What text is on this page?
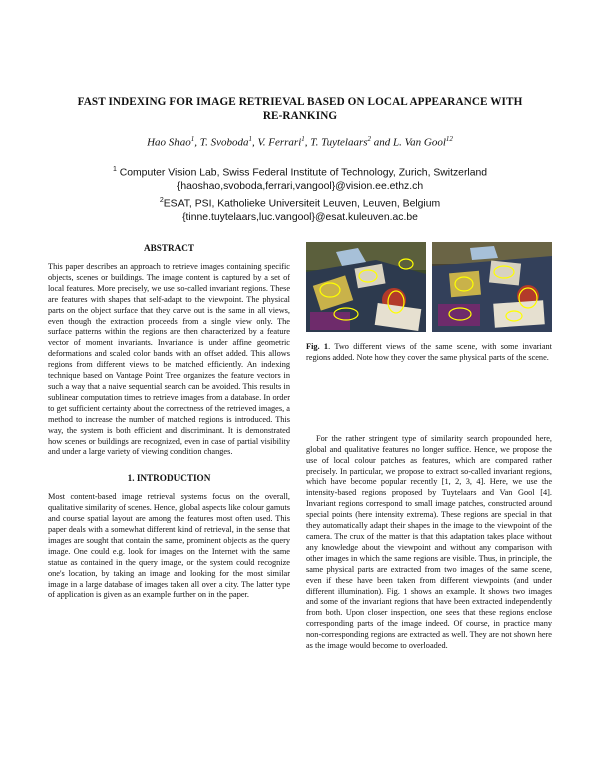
FAST INDEXING FOR IMAGE RETRIEVAL BASED ON LOCAL APPEARANCE WITH
RE-RANKING
Hao Shao$^1$, T. Svoboda$^1$, V. Ferrari$^1$, T. Tuytelaars$^2$ and L. Van Gool$^{12}$
$^1$ Computer Vision Lab, Swiss Federal Institute of Technology, Zurich, Switzerland
{haoshao,svoboda,ferrari,vangool}@vision.ee.ethz.ch
$^2$ESAT, PSI, Katholieke Universiteit Leuven, Leuven, Belgium
{tinne.tuytelaars,luc.vangool}@esat.kuleuven.ac.be
ABSTRACT

This paper describes an approach to retrieve images containing specific objects, scenes or buildings. The image content is captured by a set of local features. More precisely, we use so-called invariant regions. These are features with shapes that self-adapt to the viewpoint. The physical parts on the object surface that they carve out is the same in all views, even though the extraction proceeds from a single view only. The surface patterns within the regions are then characterized by a feature vector of moment invariants. Invariance is under affine geometric deformations and scaled color bands with an offset added. This allows regions from different views to be matched efficiently. An indexing technique based on Vantage Point Tree organizes the feature vectors in such a way that a naive sequential search can be avoided. This results in sublinear computation times to retrieve images from a database. In order to get sufficient certainty about the correctness of the retrieved images, a method to increase the number of matched regions is introduced. This way, the system is both efficient and discriminant. It is demonstrated how scenes or buildings are recognized, even in case of partial visibility and under a large variety of viewing condition changes.

1. INTRODUCTION

Most content-based image retrieval systems focus on the overall, qualitative similarity of scenes. Hence, global aspects like colour gamuts and course spatial layout are among the features most often used. This paper deals with a somewhat different kind of retrieval, in the sense that images are sought that contain the same, prominent objects as the query image. One could e.g. look for images on the Internet with the same statue as contained in the query image, or the system could recognize one's location, by taking an image and looking for the most similar image in a large database of images taken all over a city. The latter type of application is given as an example further on in the paper.

Fig. 1. Two different views of the same scene, with some invariant regions added. Note how they cover the same physical parts of the scene.

For the rather stringent type of similarity search propounded here, global and qualitative features no longer suffice. Hence, we propose the use of local colour patches as features, which are compared rather precisely. In particular, we propose to extract so-called invariant regions, which have become popular recently [1, 2, 3, 4]. Here, we use the intensity-based regions proposed by Tuytelaars and Van Gool [4]. Invariant regions correspond to small image patches, constructed around special points (here intensity extrema). These regions are special in that they automatically adapt their shapes in the image to the viewpoint of the camera. The crux of the matter is that this adaptation takes place without any knowledge about the viewpoint and without any comparison with other images in which the same regions are visible. Thus, in principle, the same physical parts are extracted from two images of the same scene, even if these have been taken from different viewpoints (and under different illumination). Fig. 1 shows an example. It shows two images and some of the invariant regions that have been extracted independently from both. Upon closer inspection, one sees that these regions enclose corresponding parts of the image indeed. Of course, in practice many non-corresponding regions are extracted as well. They are not shown here as the image would become to overloaded.
